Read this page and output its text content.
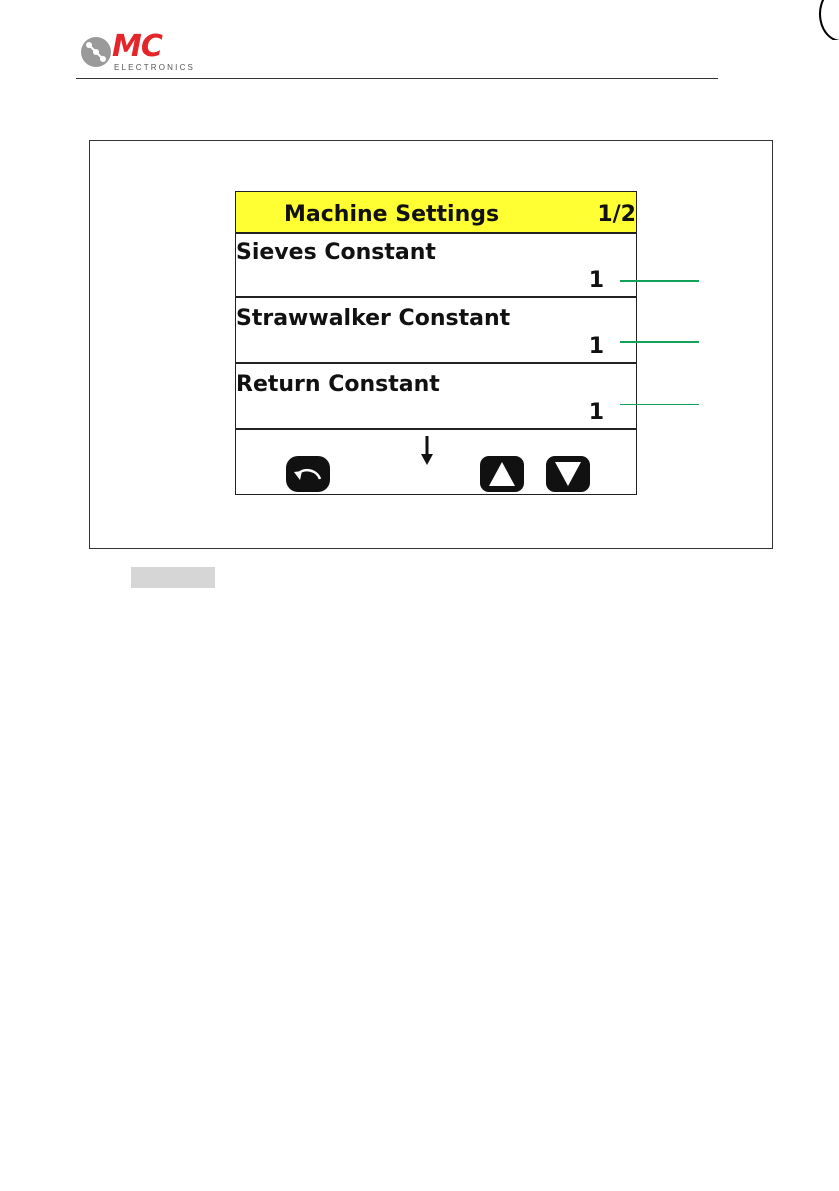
MC
ELECTRONICS
Machine Settings	1/2
Sieves Constant
1
Strawwalker Constant
1
Return Constant
1
